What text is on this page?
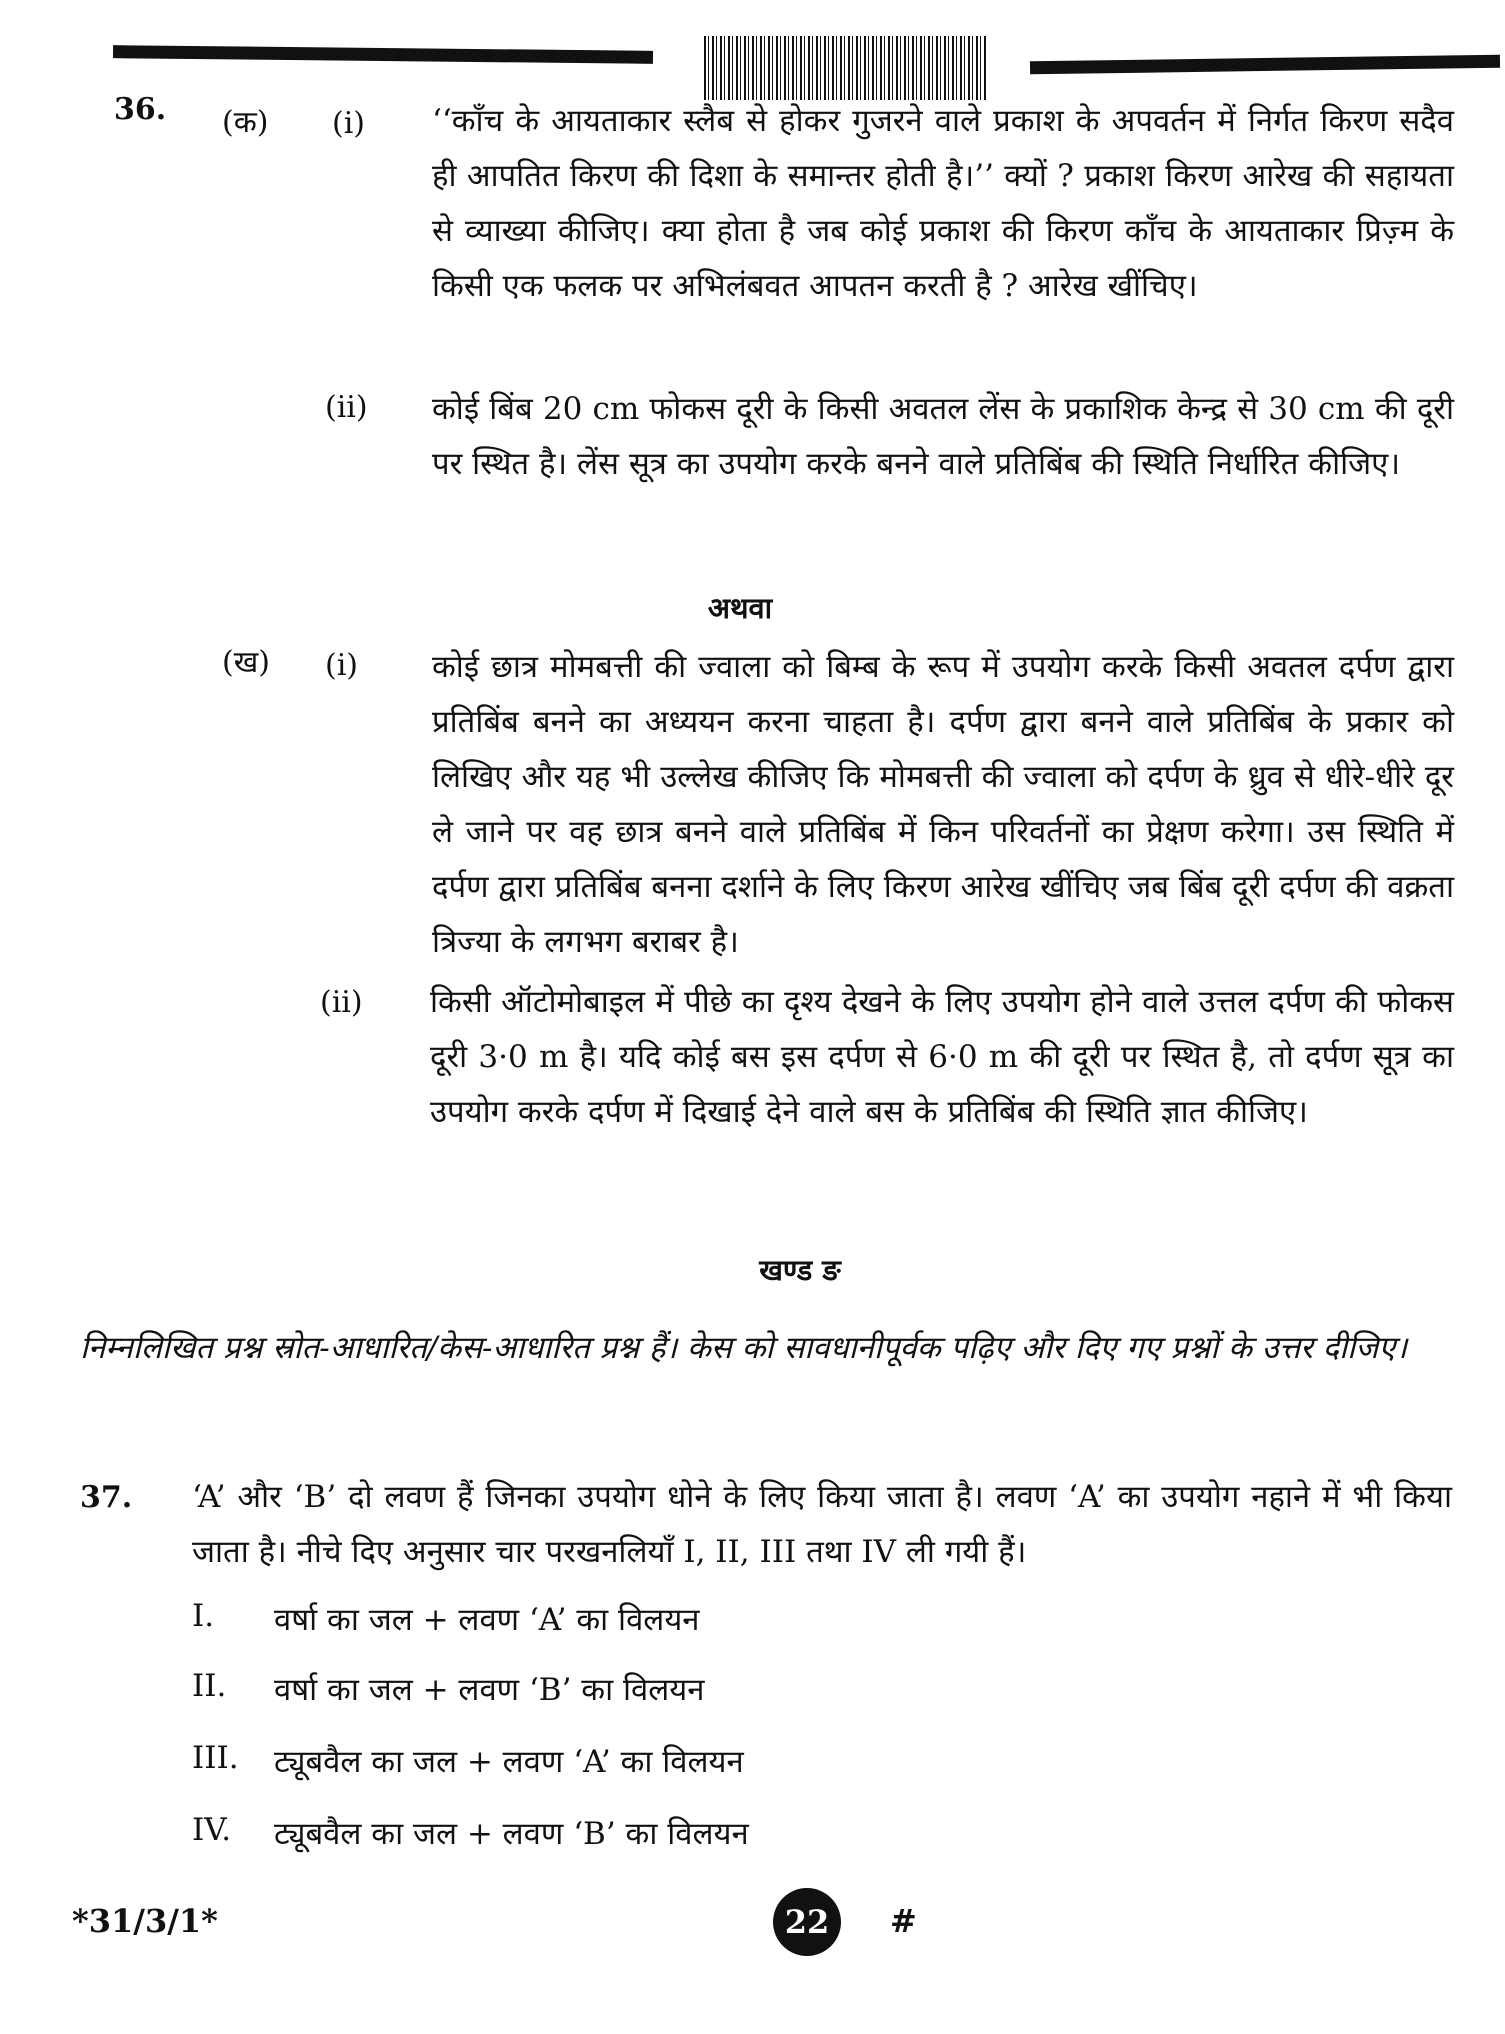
36. (क) (i) ‘‘काँच के आयताकार स्लैब से होकर गुजरने वाले प्रकाश के अपवर्तन में निर्गत किरण सदैव ही आपतित किरण की दिशा के समान्तर होती है।’’ क्यों ? प्रकाश किरण आरेख की सहायता से व्याख्या कीजिए। क्या होता है जब कोई प्रकाश की किरण काँच के आयताकार प्रिज़्म के किसी एक फलक पर अभिलंबवत आपतन करती है ? आरेख खींचिए।
(ii) कोई बिंब 20 cm फोकस दूरी के किसी अवतल लेंस के प्रकाशिक केन्द्र से 30 cm की दूरी पर स्थित है। लेंस सूत्र का उपयोग करके बनने वाले प्रतिबिंब की स्थिति निर्धारित कीजिए।
अथवा
(ख) (i) कोई छात्र मोमबत्ती की ज्वाला को बिम्ब के रूप में उपयोग करके किसी अवतल दर्पण द्वारा प्रतिबिंब बनने का अध्ययन करना चाहता है। दर्पण द्वारा बनने वाले प्रतिबिंब के प्रकार को लिखिए और यह भी उल्लेख कीजिए कि मोमबत्ती की ज्वाला को दर्पण के ध्रुव से धीरे-धीरे दूर ले जाने पर वह छात्र बनने वाले प्रतिबिंब में किन परिवर्तनों का प्रेक्षण करेगा। उस स्थिति में दर्पण द्वारा प्रतिबिंब बनना दर्शाने के लिए किरण आरेख खींचिए जब बिंब दूरी दर्पण की वक्रता त्रिज्या के लगभग बराबर है।
(ii) किसी ऑटोमोबाइल में पीछे का दृश्य देखने के लिए उपयोग होने वाले उत्तल दर्पण की फोकस दूरी 3·0 m है। यदि कोई बस इस दर्पण से 6·0 m की दूरी पर स्थित है, तो दर्पण सूत्र का उपयोग करके दर्पण में दिखाई देने वाले बस के प्रतिबिंब की स्थिति ज्ञात कीजिए।
खण्ड ङ
निम्नलिखित प्रश्न स्रोत-आधारित/केस-आधारित प्रश्न हैं। केस को सावधानीपूर्वक पढ़िए और दिए गए प्रश्नों के उत्तर दीजिए।
37. ‘A’ और ‘B’ दो लवण हैं जिनका उपयोग धोने के लिए किया जाता है। लवण ‘A’ का उपयोग नहाने में भी किया जाता है। नीचे दिए अनुसार चार परखनलियाँ I, II, III तथा IV ली गयी हैं।
I. वर्षा का जल + लवण ‘A’ का विलयन
II. वर्षा का जल + लवण ‘B’ का विलयन
III. ट्यूबवैल का जल + लवण ‘A’ का विलयन
IV. ट्यूबवैल का जल + लवण ‘B’ का विलयन
*31/3/1*	22	#
